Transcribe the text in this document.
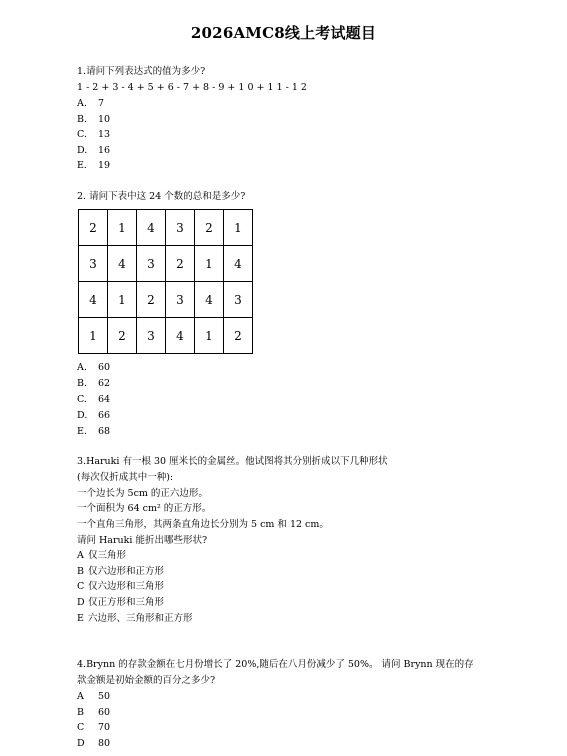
2026AMC8线上考试题目
1.请问下列表达式的值为多少?
1 - 2 + 3 - 4 + 5 + 6 - 7 + 8 - 9 + 1 0 + 1 1 - 1 2
A. 7
B. 10
C. 13
D. 16
E. 19
2. 请问下表中这 24 个数的总和是多少?
2	1	4	3	2	1
3	4	3	2	1	4
4	1	2	3	4	3
1	2	3	4	1	2
A. 60
B. 62
C. 64
D. 66
E. 68
3.Haruki 有一根 30 厘米长的金属丝。他试图将其分别折成以下几种形状
(每次仅折成其中一种):
一个边长为 5cm 的正六边形。
一个面积为 64 cm² 的正方形。
一个直角三角形，其两条直角边长分别为 5 cm 和 12 cm。
请问 Haruki 能折出哪些形状?
A 仅三角形
B 仅六边形和正方形
C 仅六边形和三角形
D 仅正方形和三角形
E 六边形、三角形和正方形
4.Brynn 的存款金额在七月份增长了 20%,随后在八月份减少了 50%。 请问 Brynn 现在的存
款金额是初始金额的百分之多少?
A 50
B 60
C 70
D 80
